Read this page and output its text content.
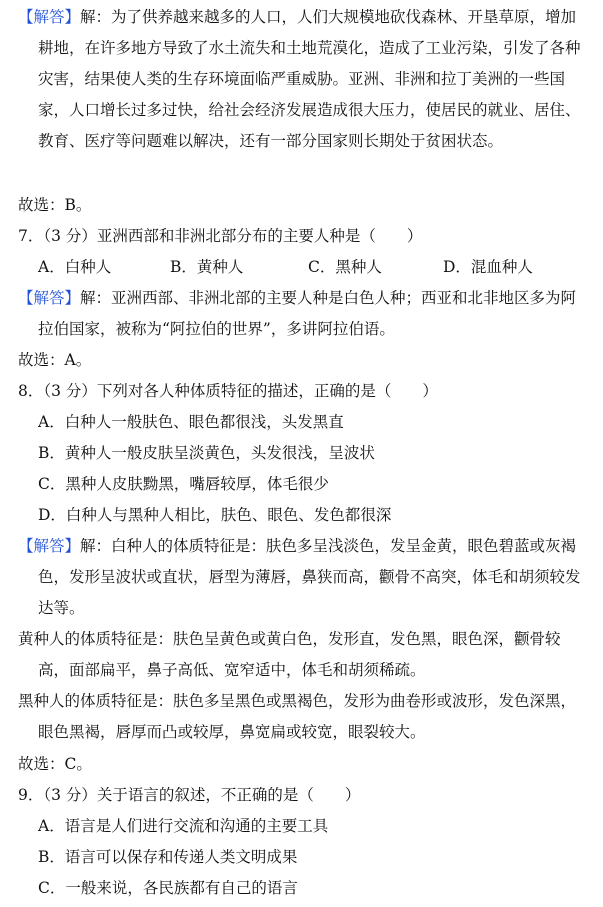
【解答】解：为了供养越来越多的人口，人们大规模地砍伐森林、开垦草原，增加耕地，在许多地方导致了水土流失和土地荒漠化，造成了工业污染，引发了各种灾害，结果使人类的生存环境面临严重威胁。亚洲、非洲和拉丁美洲的一些国家，人口增长过多过快，给社会经济发展造成很大压力，使居民的就业、居住、教育、医疗等问题难以解决，还有一部分国家则长期处于贫困状态。

故选：B。
7．（3 分）亚洲西部和非洲北部分布的主要人种是（　　）
A．白种人	B．黄种人	C．黑种人	D．混血种人

【解答】解：亚洲西部、非洲北部的主要人种是白色人种；西亚和北非地区多为阿拉伯国家，被称为“阿拉伯的世界”，多讲阿拉伯语。

故选：A。
8．（3 分）下列对各人种体质特征的描述，正确的是（　　）
A．白种人一般肤色、眼色都很浅，头发黑直
B．黄种人一般皮肤呈淡黄色，头发很浅，呈波状
C．黑种人皮肤黝黑，嘴唇较厚，体毛很少
D．白种人与黑种人相比，肤色、眼色、发色都很深

【解答】解：白种人的体质特征是：肤色多呈浅淡色，发呈金黄，眼色碧蓝或灰褐色，发形呈波状或直状，唇型为薄唇，鼻狭而高，颧骨不高突，体毛和胡须较发达等。

黄种人的体质特征是：肤色呈黄色或黄白色，发形直，发色黑，眼色深，颧骨较高，面部扁平，鼻子高低、宽窄适中，体毛和胡须稀疏。

黑种人的体质特征是：肤色多呈黑色或黑褐色，发形为曲卷形或波形，发色深黑，眼色黑褐，唇厚而凸或较厚，鼻宽扁或较宽，眼裂较大。

故选：C。
9．（3 分）关于语言的叙述，不正确的是（　　）
A．语言是人们进行交流和沟通的主要工具
B．语言可以保存和传递人类文明成果
C．一般来说，各民族都有自己的语言
